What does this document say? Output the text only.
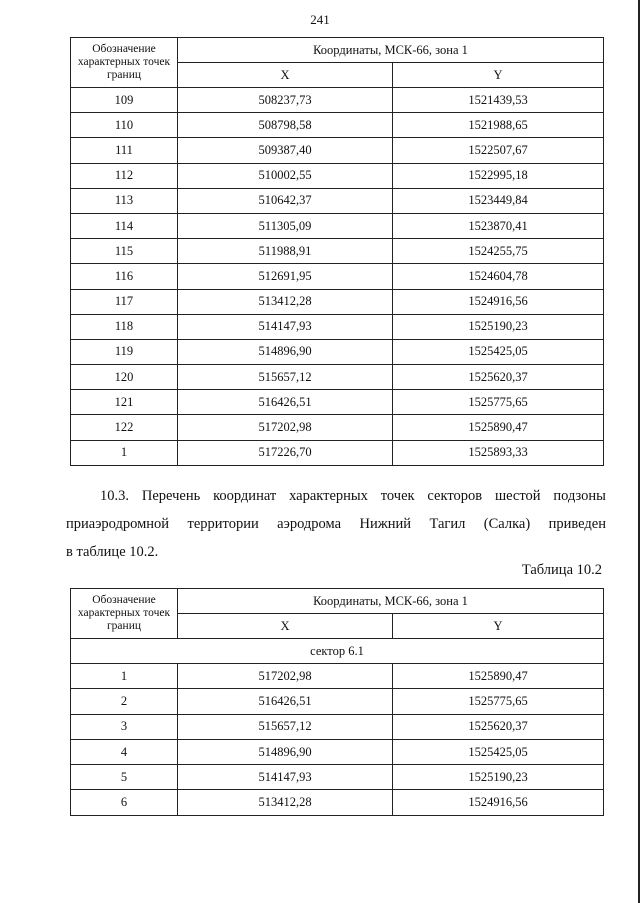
241
Обозначение характерных точек границ	Координаты, МСК-66, зона 1	
	X	Y
109	508237,73	1521439,53
110	508798,58	1521988,65
111	509387,40	1522507,67
112	510002,55	1522995,18
113	510642,37	1523449,84
114	511305,09	1523870,41
115	511988,91	1524255,75
116	512691,95	1524604,78
117	513412,28	1524916,56
118	514147,93	1525190,23
119	514896,90	1525425,05
120	515657,12	1525620,37
121	516426,51	1525775,65
122	517202,98	1525890,47
1	517226,70	1525893,33
10.3. Перечень координат характерных точек секторов шестой подзоны
приаэродромной территории аэродрома Нижний Тагил (Салка) приведен
в таблице 10.2.
Таблица 10.2
Обозначение характерных точек границ	Координаты, МСК-66, зона 1	
	X	Y
сектор 6.1		
1	517202,98	1525890,47
2	516426,51	1525775,65
3	515657,12	1525620,37
4	514896,90	1525425,05
5	514147,93	1525190,23
6	513412,28	1524916,56
